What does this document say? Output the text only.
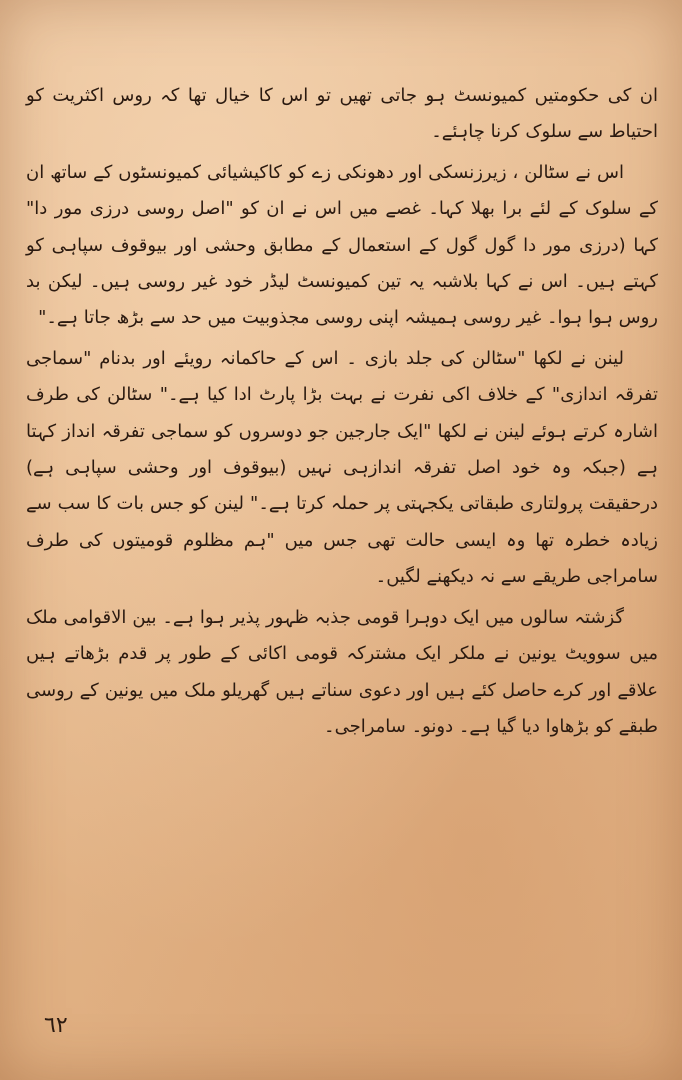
ان کی حکومتیں کمیونسٹ ہو جاتی تھیں تو اس کا خیال تھا کہ روس اکثریت کو احتیاط سے سلوک کرنا چاہئے۔

اس نے سٹالن ، زیرزنسکی اور دھونکی زے کو کاکیشیائی کمیونسٹوں کے ساتھ ان کے سلوک کے لئے برا بھلا کہا۔ غصے میں اس نے ان کو "اصل روسی درزی مور دا" کہا (درزی مور دا گول گول کے استعمال کے مطابق وحشی اور بیوقوف سپاہی کو کہتے ہیں۔ اس نے کہا بلاشبہ یہ تین کمیونسٹ لیڈر خود غیر روسی ہیں۔ لیکن بد روس ہوا ہوا۔ غیر روسی ہمیشہ اپنی روسی مجذوبیت میں حد سے بڑھ جاتا ہے۔"

لینن نے لکھا "سٹالن کی جلد بازی ۔ اس کے حاکمانہ رویئے اور بدنام "سماجی تفرقہ اندازی" کے خلاف اکی نفرت نے بہت بڑا پارٹ ادا کیا ہے۔" سٹالن کی طرف اشارہ کرتے ہوئے لینن نے لکھا "ایک جارجین جو دوسروں کو سماجی تفرقہ انداز کہتا ہے (جبکہ وہ خود اصل تفرقہ اندازہی نہیں (بیوقوف اور وحشی سپاہی ہے) درحقیقت پرولتاری طبقاتی یکجہتی پر حملہ کرتا ہے۔" لینن کو جس بات کا سب سے زیادہ خطرہ تھا وہ ایسی حالت تھی جس میں "ہم مظلوم قومیتوں کی طرف سامراجی طریقے سے نہ دیکھنے لگیں۔

گزشتہ سالوں میں ایک دوہرا قومی جذبہ ظہور پذیر ہوا ہے۔ بین الاقوامی ملک میں سوویٹ یونین نے ملکر ایک مشترکہ قومی اکائی کے طور پر قدم بڑھاتے ہیں علاقے اور کرے حاصل کئے ہیں اور دعوی سناتے ہیں گھریلو ملک میں یونین کے روسی طبقے کو بڑھاوا دیا گیا ہے۔ دونو۔ سامراجی۔

٦٢
